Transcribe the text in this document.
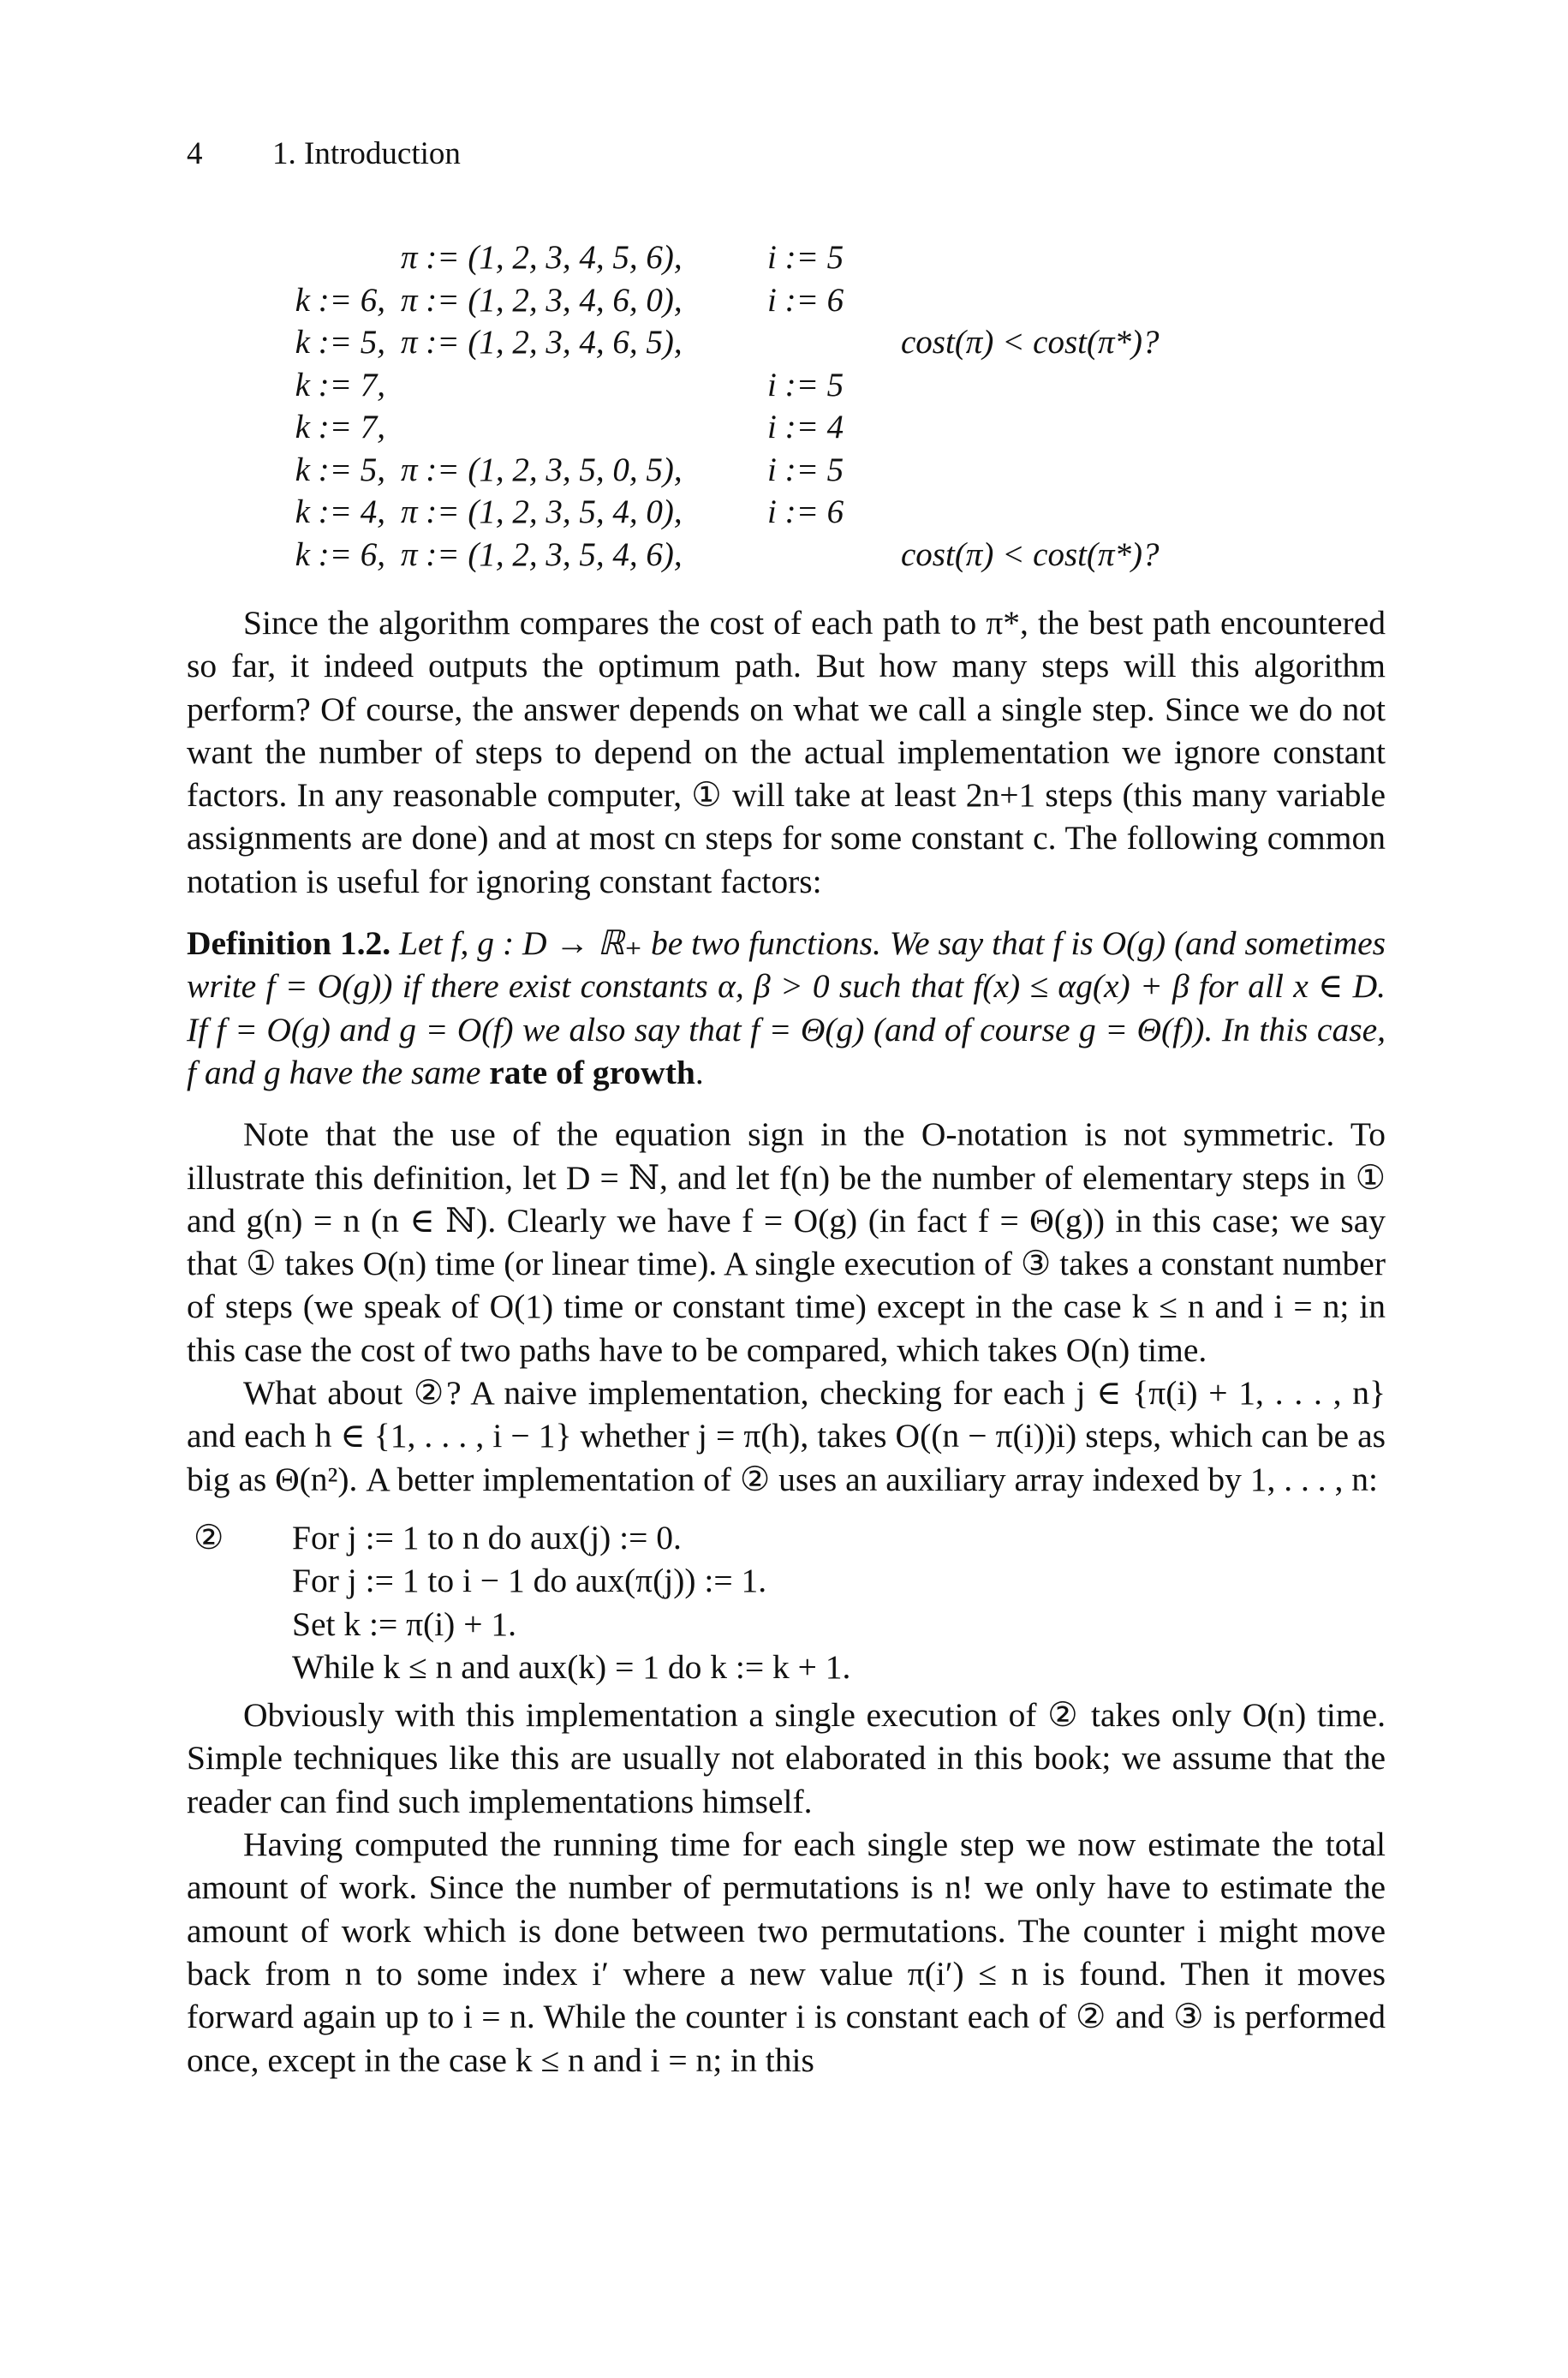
4 1. Introduction
π := (1, 2, 3, 4, 5, 6),	i := 5
k := 6, π := (1, 2, 3, 4, 6, 0),	i := 6
k := 5, π := (1, 2, 3, 4, 6, 5),	cost(π) < cost(π*)?
k := 7,	i := 5
k := 7,	i := 4
k := 5, π := (1, 2, 3, 5, 0, 5),	i := 5
k := 4, π := (1, 2, 3, 5, 4, 0),	i := 6
k := 6, π := (1, 2, 3, 5, 4, 6),	cost(π) < cost(π*)?

Since the algorithm compares the cost of each path to π*, the best path encountered so far, it indeed outputs the optimum path. But how many steps will this algorithm perform? Of course, the answer depends on what we call a single step. Since we do not want the number of steps to depend on the actual implementation we ignore constant factors. In any reasonable computer, ① will take at least 2n+1 steps (this many variable assignments are done) and at most cn steps for some constant c. The following common notation is useful for ignoring constant factors:

Definition 1.2. Let f, g : D → ℝ₊ be two functions. We say that f is O(g) (and sometimes write f = O(g)) if there exist constants α, β > 0 such that f(x) ≤ αg(x) + β for all x ∈ D. If f = O(g) and g = O(f) we also say that f = Θ(g) (and of course g = Θ(f)). In this case, f and g have the same rate of growth.

Note that the use of the equation sign in the O-notation is not symmetric. To illustrate this definition, let D = ℕ, and let f(n) be the number of elementary steps in ① and g(n) = n (n ∈ ℕ). Clearly we have f = O(g) (in fact f = Θ(g)) in this case; we say that ① takes O(n) time (or linear time). A single execution of ③ takes a constant number of steps (we speak of O(1) time or constant time) except in the case k ≤ n and i = n; in this case the cost of two paths have to be compared, which takes O(n) time.

What about ②? A naive implementation, checking for each j ∈ {π(i) + 1, . . . , n} and each h ∈ {1, . . . , i − 1} whether j = π(h), takes O((n − π(i))i) steps, which can be as big as Θ(n²). A better implementation of ② uses an auxiliary array indexed by 1, . . . , n:

②	For j := 1 to n do aux(j) := 0.
For j := 1 to i − 1 do aux(π(j)) := 1.
Set k := π(i) + 1.
While k ≤ n and aux(k) = 1 do k := k + 1.

Obviously with this implementation a single execution of ② takes only O(n) time. Simple techniques like this are usually not elaborated in this book; we assume that the reader can find such implementations himself.

Having computed the running time for each single step we now estimate the total amount of work. Since the number of permutations is n! we only have to estimate the amount of work which is done between two permutations. The counter i might move back from n to some index i′ where a new value π(i′) ≤ n is found. Then it moves forward again up to i = n. While the counter i is constant each of ② and ③ is performed once, except in the case k ≤ n and i = n; in this
